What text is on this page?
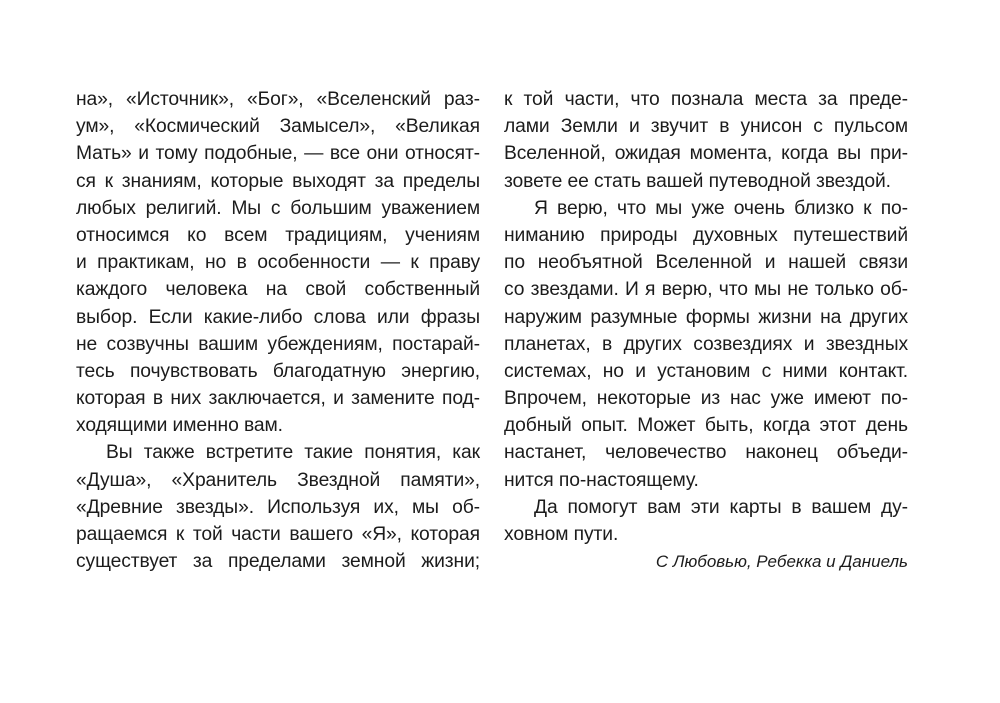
на», «Источник», «Бог», «Вселенский раз-
ум», «Космический Замысел», «Великая
Мать» и тому подобные, — все они относят-
ся к знаниям, которые выходят за пределы
любых религий. Мы с большим уважением
относимся ко всем традициям, учениям
и практикам, но в особенности — к праву
каждого человека на свой собственный
выбор. Если какие-либо слова или фразы
не созвучны вашим убеждениям, постарай-
тесь почувствовать благодатную энергию,
которая в них заключается, и замените под-
ходящими именно вам.
Вы также встретите такие понятия, как
«Душа», «Хранитель Звездной памяти»,
«Древние звезды». Используя их, мы об-
ращаемся к той части вашего «Я», которая
существует за пределами земной жизни;
к той части, что познала места за преде-
лами Земли и звучит в унисон с пульсом
Вселенной, ожидая момента, когда вы при-
зовете ее стать вашей путеводной звездой.
Я верю, что мы уже очень близко к по-
ниманию природы духовных путешествий
по необъятной Вселенной и нашей связи
со звездами. И я верю, что мы не только об-
наружим разумные формы жизни на других
планетах, в других созвездиях и звездных
системах, но и установим с ними контакт.
Впрочем, некоторые из нас уже имеют по-
добный опыт. Может быть, когда этот день
настанет, человечество наконец объеди-
нится по-настоящему.
Да помогут вам эти карты в вашем ду-
ховном пути.
С Любовью, Ребекка и Даниель
